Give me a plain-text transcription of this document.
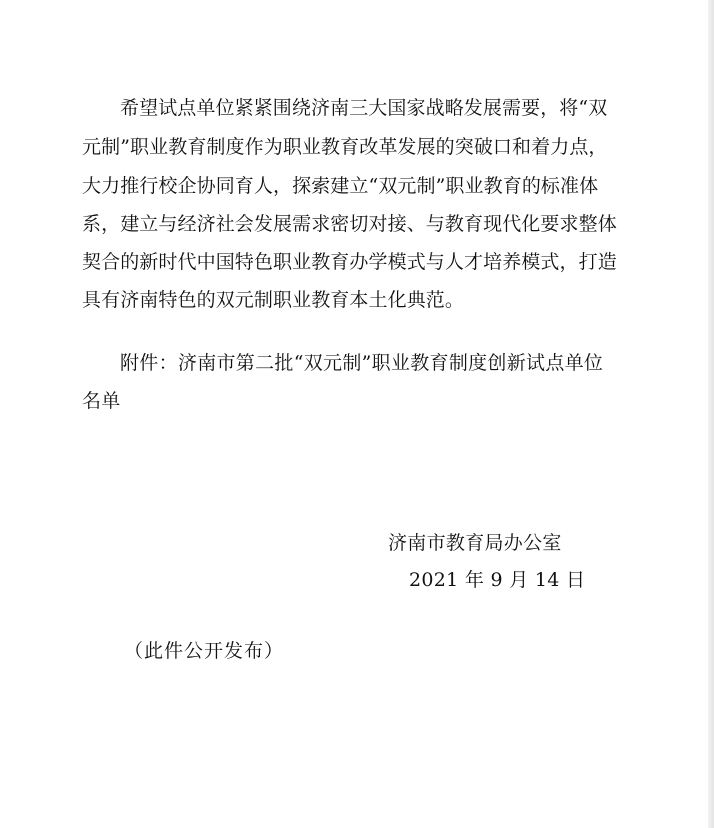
希望试点单位紧紧围绕济南三大国家战略发展需要，将“双
元制”职业教育制度作为职业教育改革发展的突破口和着力点，
大力推行校企协同育人，探索建立“双元制”职业教育的标准体
系，建立与经济社会发展需求密切对接、与教育现代化要求整体
契合的新时代中国特色职业教育办学模式与人才培养模式，打造
具有济南特色的双元制职业教育本土化典范。
附件：济南市第二批“双元制”职业教育制度创新试点单位
名单
济南市教育局办公室
2021 年 9 月 14 日
（此件公开发布）
